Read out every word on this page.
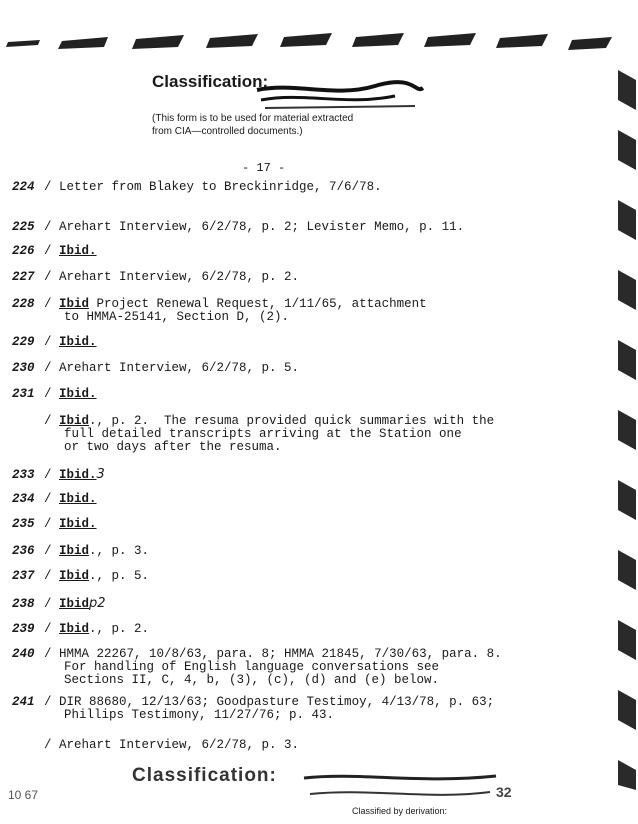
Classification:
(This form is to be used for material extracted
from CIA—controlled documents.)
- 17 -
224 / Letter from Blakey to Breckinridge, 7/6/78.
225 / Arehart Interview, 6/2/78, p. 2; Levister Memo, p. 11.
226 / Ibid.
227 / Arehart Interview, 6/2/78, p. 2.
228 / Ibid Project Renewal Request, 1/11/65, attachment
to HMMA-25141, Section D, (2).
229 / Ibid.
230 / Arehart Interview, 6/2/78, p. 5.
231 / Ibid.
/ Ibid., p. 2.  The resuma provided quick summaries with the
full detailed transcripts arriving at the Station one
or two days after the resuma.
233 / Ibid.3
234 / Ibid.
235 / Ibid.
236 / Ibid., p. 3.
237 / Ibid., p. 5.
238 / Ibidp2
239 / Ibid., p. 2.
240 / HMMA 22267, 10/8/63, para. 8; HMMA 21845, 7/30/63, para. 8.
For handling of English language conversations see
Sections II, C, 4, b, (3), (c), (d) and (e) below.
241 / DIR 88680, 12/13/63; Goodpasture Testimoy, 4/13/78, p. 63;
Phillips Testimony, 11/27/76; p. 43.
/ Arehart Interview, 6/2/78, p. 3.
10 67
Classification:
32
Classified by derivation:
